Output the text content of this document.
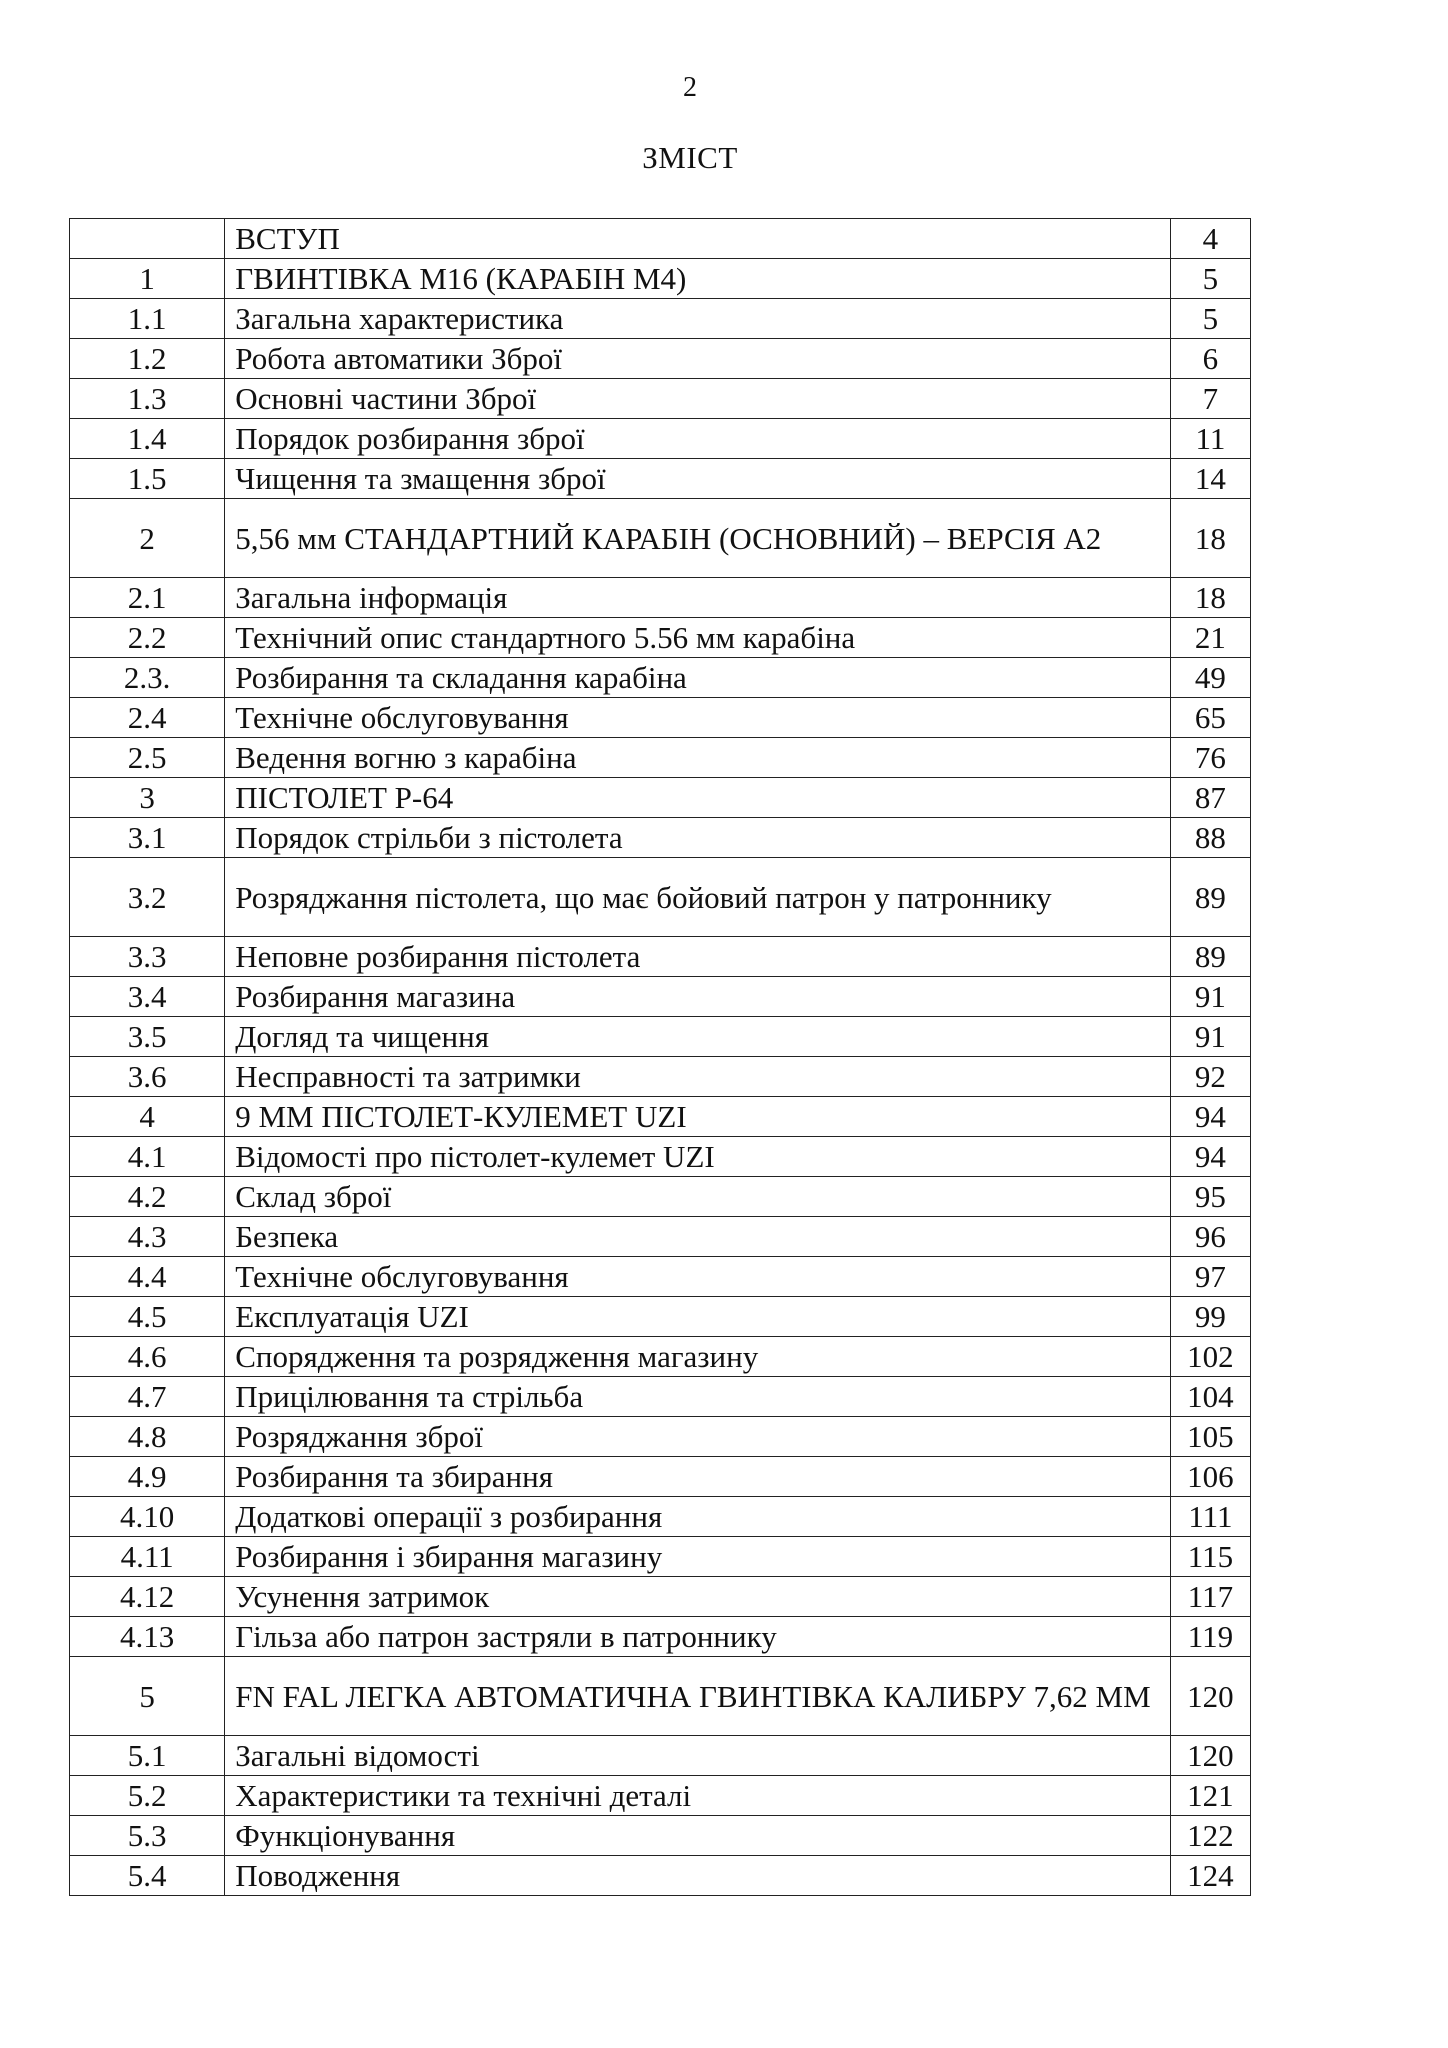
2
ЗМІСТ
	ВСТУП	4
1	ГВИНТІВКА М16 (КАРАБІН М4)	5
1.1	Загальна характеристика	5
1.2	Робота автоматики Зброї	6
1.3	Основні частини Зброї	7
1.4	Порядок розбирання зброї	11
1.5	Чищення та змащення зброї	14
2	5,56 мм СТАНДАРТНИЙ КАРАБІН (ОСНОВНИЙ) – ВЕРСІЯ А2	18
2.1	Загальна інформація	18
2.2	Технічний опис стандартного 5.56 мм карабіна	21
2.3.	Розбирання та складання карабіна	49
2.4	Технічне обслуговування	65
2.5	Ведення вогню з карабіна	76
3	ПІСТОЛЕТ Р-64	87
3.1	Порядок стрільби з пістолета	88
3.2	Розряджання пістолета, що має бойовий патрон у патроннику	89
3.3	Неповне розбирання пістолета	89
3.4	Розбирання магазина	91
3.5	Догляд та чищення	91
3.6	Несправності та затримки	92
4	9 ММ ПІСТОЛЕТ-КУЛЕМЕТ UZI	94
4.1	Відомості про пістолет-кулемет UZI	94
4.2	Склад зброї	95
4.3	Безпека	96
4.4	Технічне обслуговування	97
4.5	Експлуатація UZI	99
4.6	Спорядження та розрядження магазину	102
4.7	Прицілювання та стрільба	104
4.8	Розряджання зброї	105
4.9	Розбирання та збирання	106
4.10	Додаткові операції з розбирання	111
4.11	Розбирання і збирання магазину	115
4.12	Усунення затримок	117
4.13	Гільза або патрон застряли в патроннику	119
5	FN FAL ЛЕГКА АВТОМАТИЧНА ГВИНТІВКА КАЛИБРУ 7,62 ММ	120
5.1	Загальні відомості	120
5.2	Характеристики та технічні деталі	121
5.3	Функціонування	122
5.4	Поводження	124
